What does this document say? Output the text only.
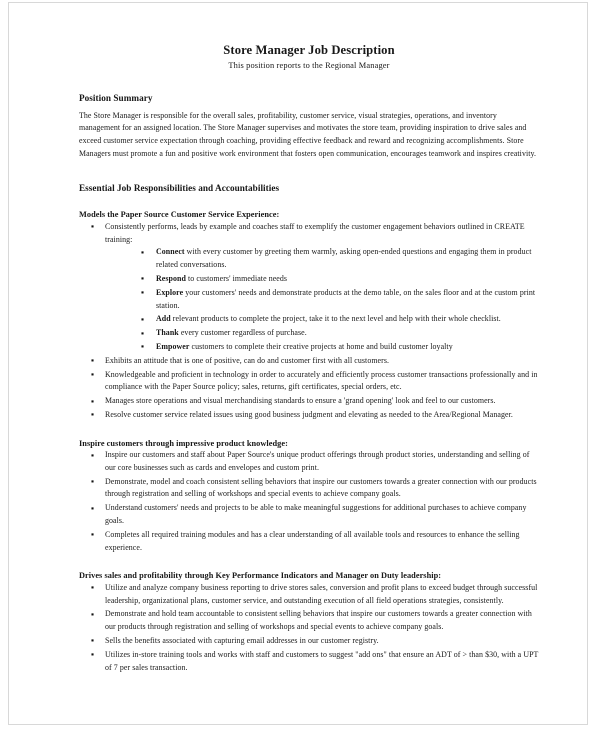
Store Manager Job Description

This position reports to the Regional Manager

Position Summary

The Store Manager is responsible for the overall sales, profitability, customer service, visual strategies, operations, and inventory management for an assigned location. The Store Manager supervises and motivates the store team, providing inspiration to drive sales and exceed customer service expectation through coaching, providing effective feedback and reward and recognizing accomplishments. Store Managers must promote a fun and positive work environment that fosters open communication, encourages teamwork and inspires creativity.

Essential Job Responsibilities and Accountabilities
Models the Paper Source Customer Service Experience:
▪ Consistently performs, leads by example and coaches staff to exemplify the customer engagement behaviors outlined in CREATE training:
▪ Connect with every customer by greeting them warmly, asking open-ended questions and engaging them in product related conversations.
▪ Respond to customers' immediate needs
▪ Explore your customers' needs and demonstrate products at the demo table, on the sales floor and at the custom print station.
▪ Add relevant products to complete the project, take it to the next level and help with their whole checklist.
▪ Thank every customer regardless of purchase.
▪ Empower customers to complete their creative projects at home and build customer loyalty
▪ Exhibits an attitude that is one of positive, can do and customer first with all customers.
▪ Knowledgeable and proficient in technology in order to accurately and efficiently process customer transactions professionally and in compliance with the Paper Source policy; sales, returns, gift certificates, special orders, etc.
▪ Manages store operations and visual merchandising standards to ensure a 'grand opening' look and feel to our customers.
▪ Resolve customer service related issues using good business judgment and elevating as needed to the Area/Regional Manager.
Inspire customers through impressive product knowledge:
▪ Inspire our customers and staff about Paper Source's unique product offerings through product stories, understanding and selling of our core businesses such as cards and envelopes and custom print.
▪ Demonstrate, model and coach consistent selling behaviors that inspire our customers towards a greater connection with our products through registration and selling of workshops and special events to achieve company goals.
▪ Understand customers' needs and projects to be able to make meaningful suggestions for additional purchases to achieve company goals.
▪ Completes all required training modules and has a clear understanding of all available tools and resources to enhance the selling experience.
Drives sales and profitability through Key Performance Indicators and Manager on Duty leadership:
▪ Utilize and analyze company business reporting to drive stores sales, conversion and profit plans to exceed budget through successful leadership, organizational plans, customer service, and outstanding execution of all field operations strategies, consistently.
▪ Demonstrate and hold team accountable to consistent selling behaviors that inspire our customers towards a greater connection with our products through registration and selling of workshops and special events to achieve company goals.
▪ Sells the benefits associated with capturing email addresses in our customer registry.
▪ Utilizes in-store training tools and works with staff and customers to suggest "add ons" that ensure an ADT of > than $30, with a UPT of 7 per sales transaction.
